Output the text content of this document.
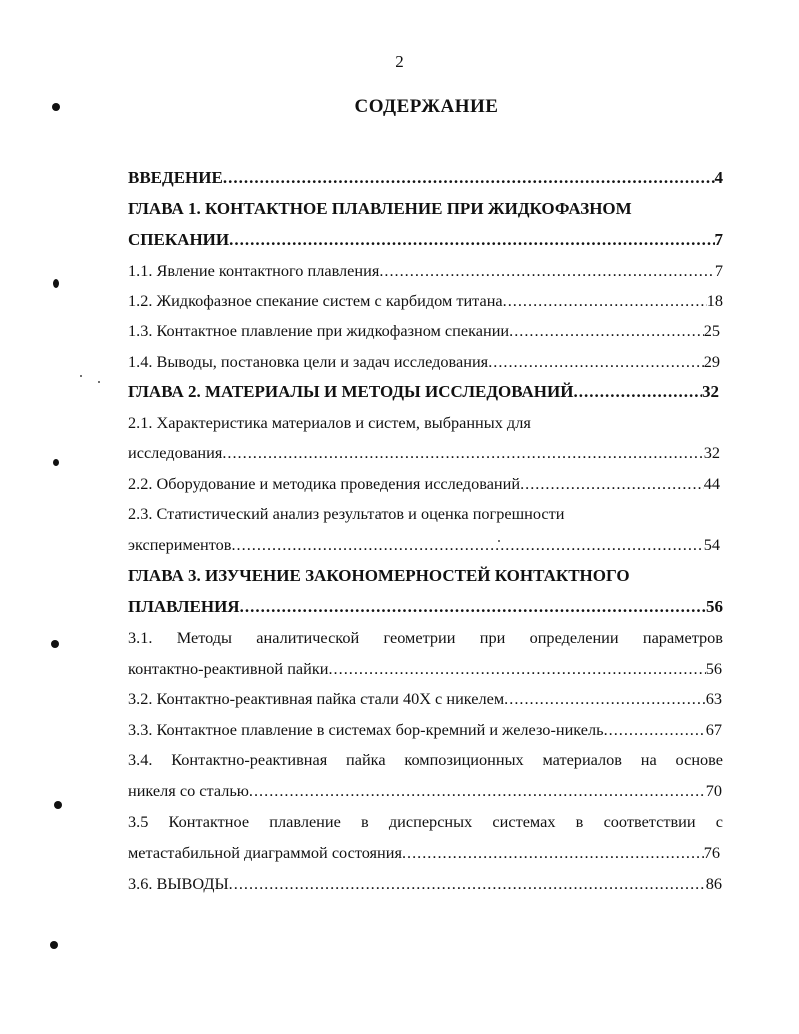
2
СОДЕРЖАНИЕ
ВВЕДЕНИЕ .....	4
ГЛАВА 1. КОНТАКТНОЕ ПЛАВЛЕНИЕ ПРИ ЖИДКОФАЗНОМ
СПЕКАНИИ .....	7
1.1. Явление контактного плавления .....	7
1.2. Жидкофазное спекание систем с карбидом титана .....	18
1.3. Контактное плавление при жидкофазном спекании .....	25
1.4. Выводы, постановка цели и задач исследования .....	29
ГЛАВА 2. МАТЕРИАЛЫ И МЕТОДЫ ИССЛЕДОВАНИЙ .....	32
2.1. Характеристика материалов и систем, выбранных для
исследования .....	32
2.2. Оборудование и методика проведения исследований .....	44
2.3. Статистический анализ результатов и оценка погрешности
экспериментов .....	54
ГЛАВА 3. ИЗУЧЕНИЕ ЗАКОНОМЕРНОСТЕЙ КОНТАКТНОГО
ПЛАВЛЕНИЯ .....	56
3.1. Методы аналитической геометрии при определении параметров
контактно-реактивной пайки .....	56
3.2. Контактно-реактивная пайка стали 40Х с никелем .....	63
3.3. Контактное плавление в системах бор-кремний и железо-никель .....	67
3.4. Контактно-реактивная пайка композиционных материалов на основе
никеля со сталью .....	70
3.5 Контактное плавление в дисперсных системах в соответствии с
метастабильной диаграммой состояния .....	76
3.6. ВЫВОДЫ .....	86
